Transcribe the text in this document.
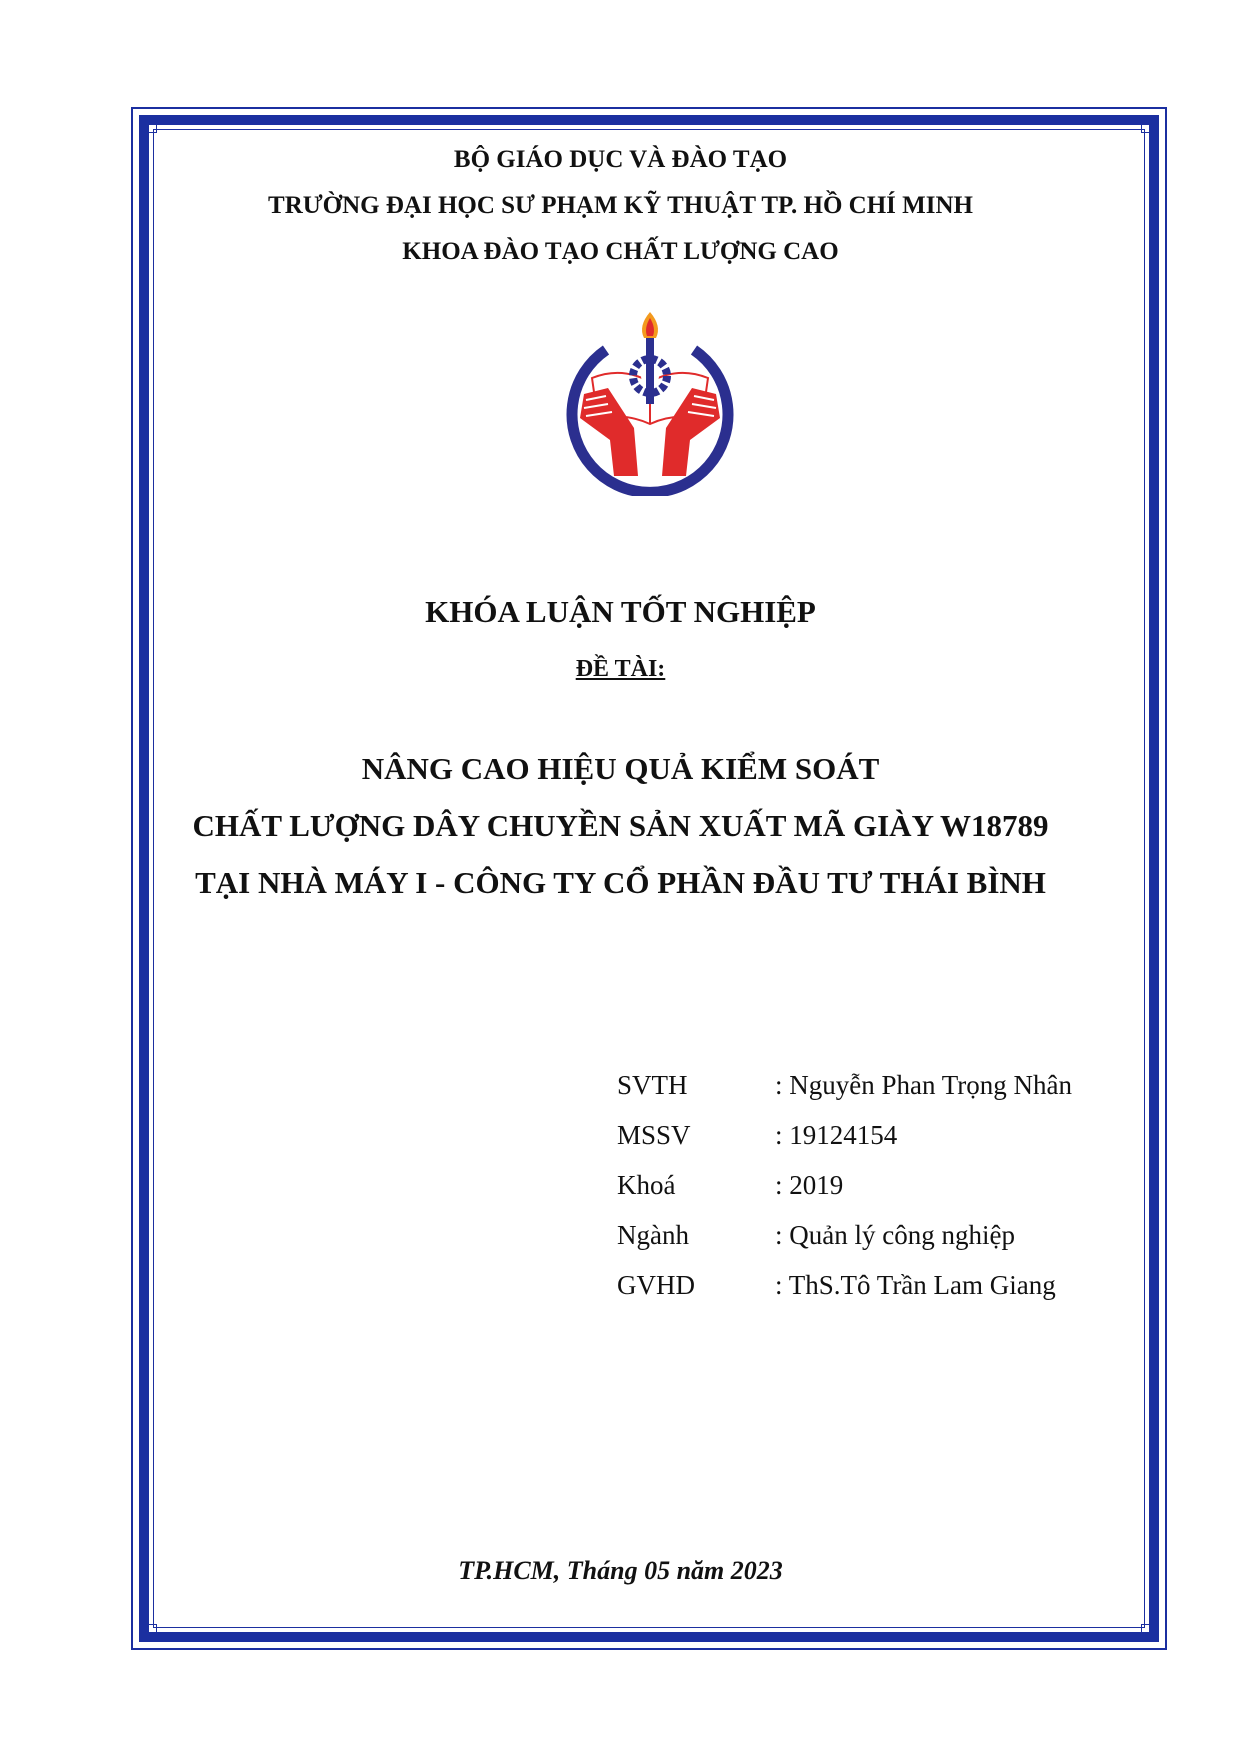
BỘ GIÁO DỤC VÀ ĐÀO TẠO
TRƯỜNG ĐẠI HỌC SƯ PHẠM KỸ THUẬT TP. HỒ CHÍ MINH
KHOA ĐÀO TẠO CHẤT LƯỢNG CAO
KHÓA LUẬN TỐT NGHIỆP
ĐỀ TÀI:
NÂNG CAO HIỆU QUẢ KIỂM SOÁT
CHẤT LƯỢNG DÂY CHUYỀN SẢN XUẤT MÃ GIÀY W18789
TẠI NHÀ MÁY I - CÔNG TY CỔ PHẦN ĐẦU TƯ THÁI BÌNH
SVTH	: Nguyễn Phan Trọng Nhân
MSSV	: 19124154
Khoá	: 2019
Ngành	: Quản lý công nghiệp
GVHD	: ThS.Tô Trần Lam Giang
TP.HCM, Tháng 05 năm 2023
